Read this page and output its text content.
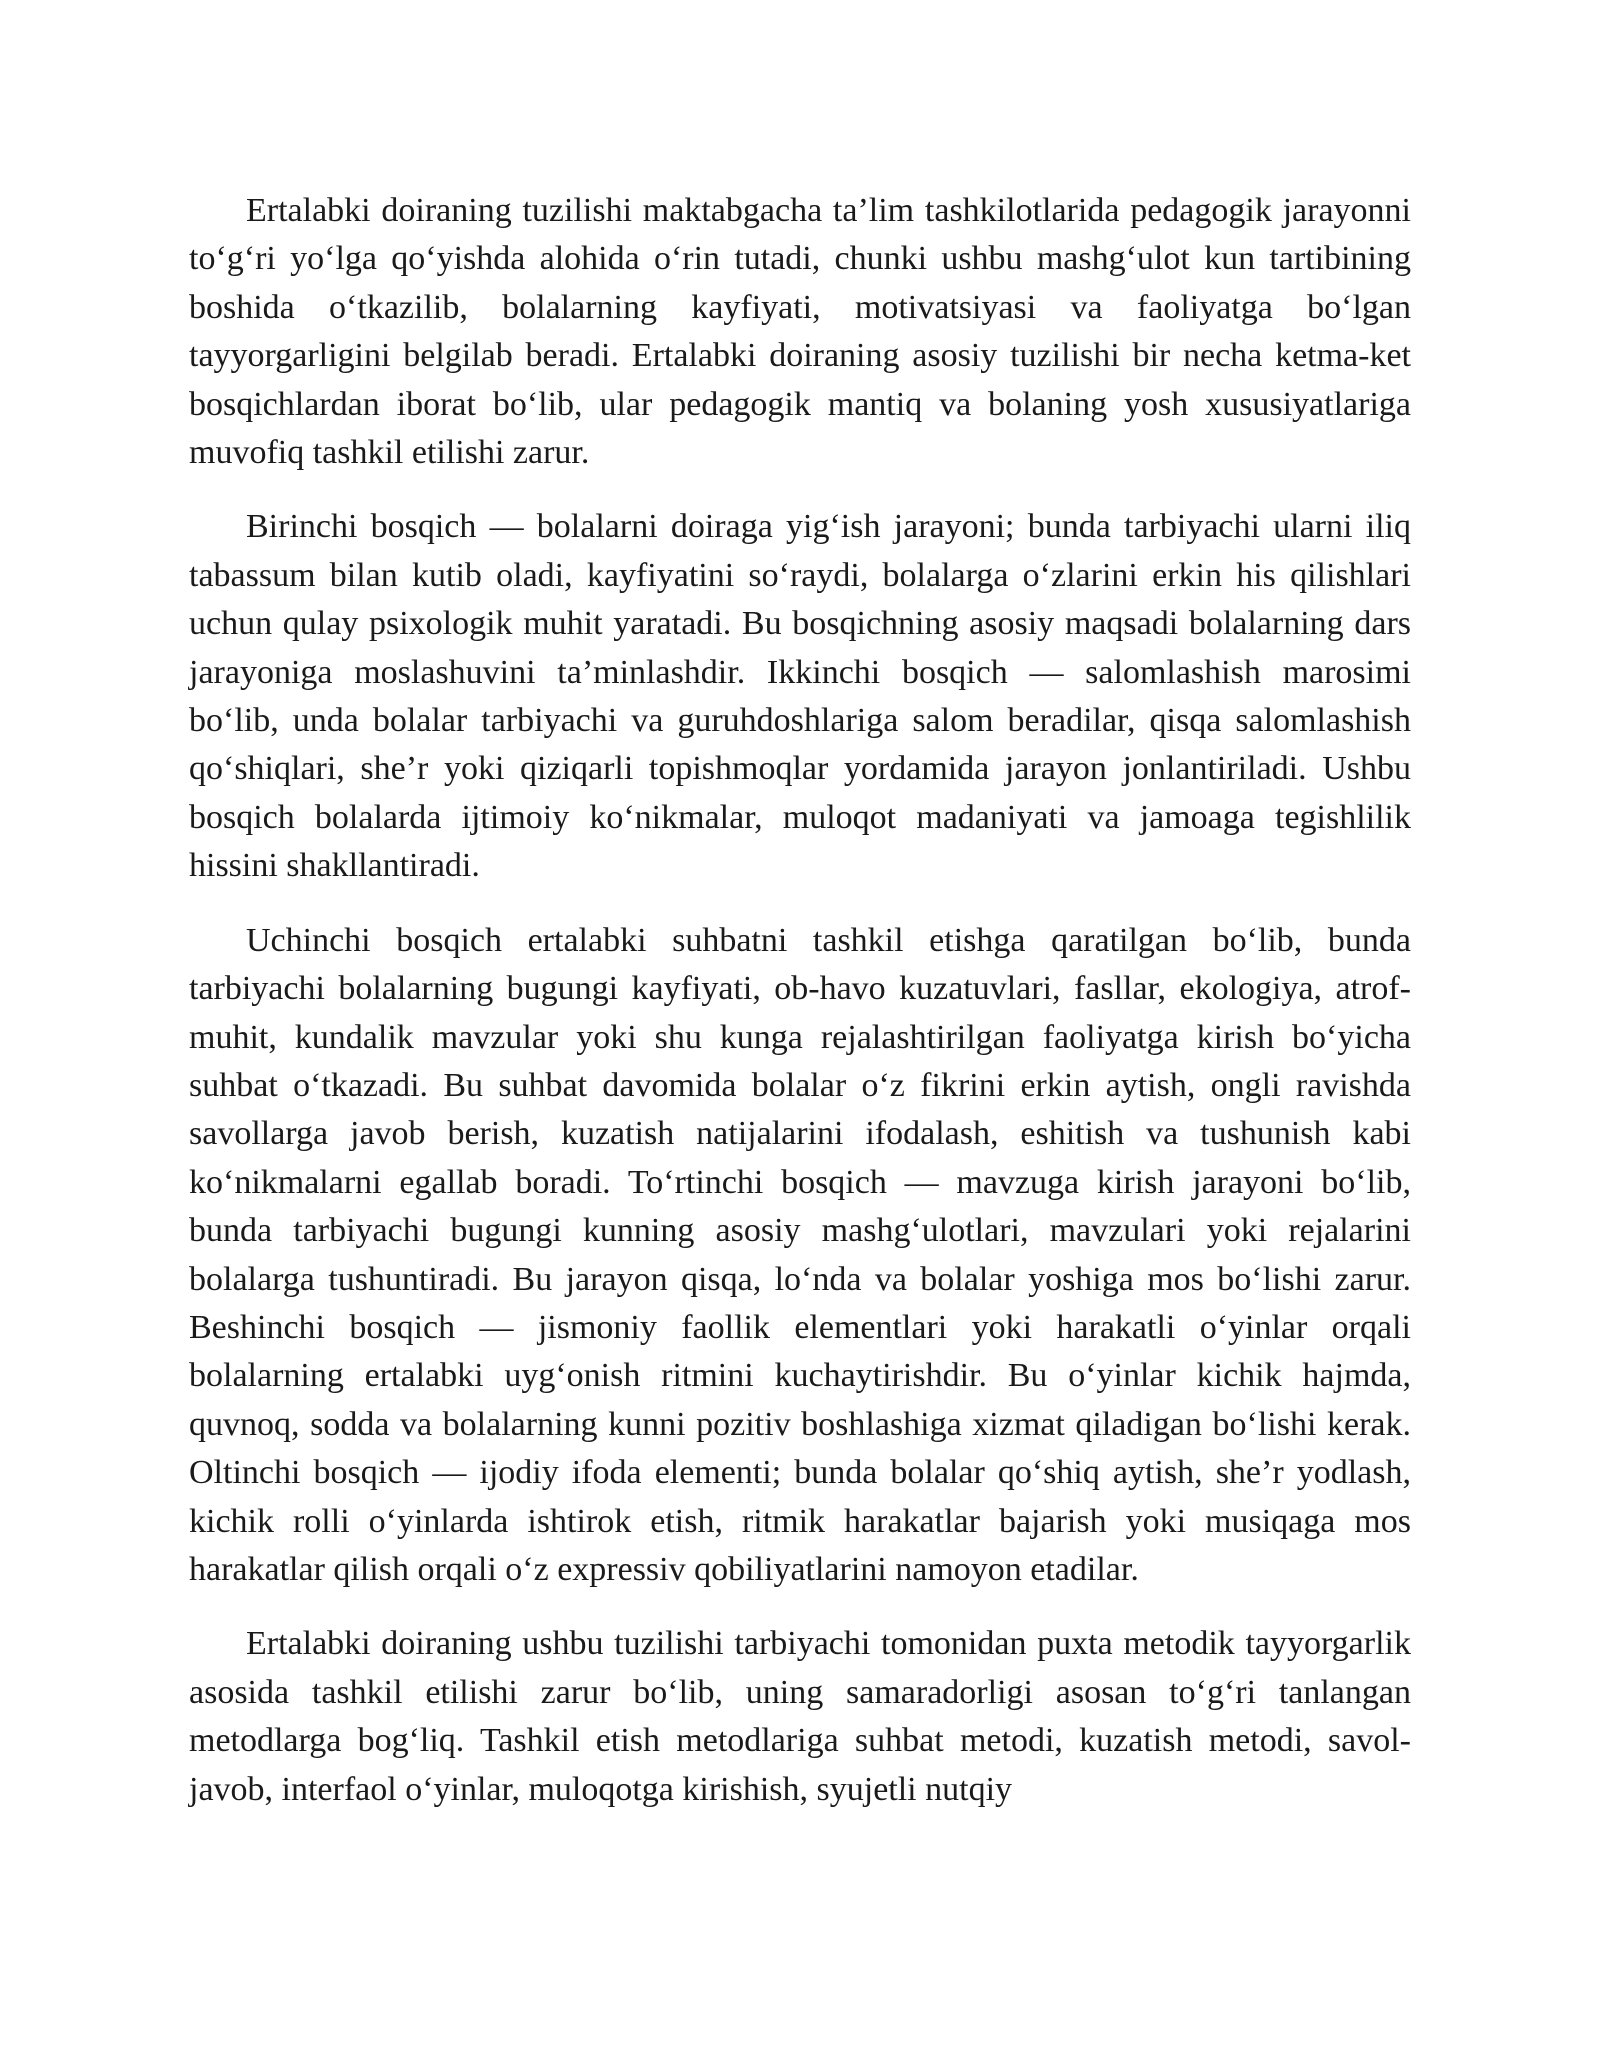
Ertalabki doiraning tuzilishi maktabgacha ta’lim tashkilotlarida pedagogik jarayonni to‘g‘ri yo‘lga qo‘yishda alohida o‘rin tutadi, chunki ushbu mashg‘ulot kun tartibining boshida o‘tkazilib, bolalarning kayfiyati, motivatsiyasi va faoliyatga bo‘lgan tayyorgarligini belgilab beradi. Ertalabki doiraning asosiy tuzilishi bir necha ketma-ket bosqichlardan iborat bo‘lib, ular pedagogik mantiq va bolaning yosh xususiyatlariga muvofiq tashkil etilishi zarur.

Birinchi bosqich — bolalarni doiraga yig‘ish jarayoni; bunda tarbiyachi ularni iliq tabassum bilan kutib oladi, kayfiyatini so‘raydi, bolalarga o‘zlarini erkin his qilishlari uchun qulay psixologik muhit yaratadi. Bu bosqichning asosiy maqsadi bolalarning dars jarayoniga moslashuvini ta’minlashdir. Ikkinchi bosqich — salomlashish marosimi bo‘lib, unda bolalar tarbiyachi va guruhdoshlariga salom beradilar, qisqa salomlashish qo‘shiqlari, she’r yoki qiziqarli topishmoqlar yordamida jarayon jonlantiriladi. Ushbu bosqich bolalarda ijtimoiy ko‘nikmalar, muloqot madaniyati va jamoaga tegishlilik hissini shakllantiradi.

Uchinchi bosqich ertalabki suhbatni tashkil etishga qaratilgan bo‘lib, bunda tarbiyachi bolalarning bugungi kayfiyati, ob-havo kuzatuvlari, fasllar, ekologiya, atrof-muhit, kundalik mavzular yoki shu kunga rejalashtirilgan faoliyatga kirish bo‘yicha suhbat o‘tkazadi. Bu suhbat davomida bolalar o‘z fikrini erkin aytish, ongli ravishda savollarga javob berish, kuzatish natijalarini ifodalash, eshitish va tushunish kabi ko‘nikmalarni egallab boradi. To‘rtinchi bosqich — mavzuga kirish jarayoni bo‘lib, bunda tarbiyachi bugungi kunning asosiy mashg‘ulotlari, mavzulari yoki rejalarini bolalarga tushuntiradi. Bu jarayon qisqa, lo‘nda va bolalar yoshiga mos bo‘lishi zarur. Beshinchi bosqich — jismoniy faollik elementlari yoki harakatli o‘yinlar orqali bolalarning ertalabki uyg‘onish ritmini kuchaytirishdir. Bu o‘yinlar kichik hajmda, quvnoq, sodda va bolalarning kunni pozitiv boshlashiga xizmat qiladigan bo‘lishi kerak. Oltinchi bosqich — ijodiy ifoda elementi; bunda bolalar qo‘shiq aytish, she’r yodlash, kichik rolli o‘yinlarda ishtirok etish, ritmik harakatlar bajarish yoki musiqaga mos harakatlar qilish orqali o‘z expressiv qobiliyatlarini namoyon etadilar.

Ertalabki doiraning ushbu tuzilishi tarbiyachi tomonidan puxta metodik tayyorgarlik asosida tashkil etilishi zarur bo‘lib, uning samaradorligi asosan to‘g‘ri tanlangan metodlarga bog‘liq. Tashkil etish metodlariga suhbat metodi, kuzatish metodi, savol-javob, interfaol o‘yinlar, muloqotga kirishish, syujetli nutqiy
